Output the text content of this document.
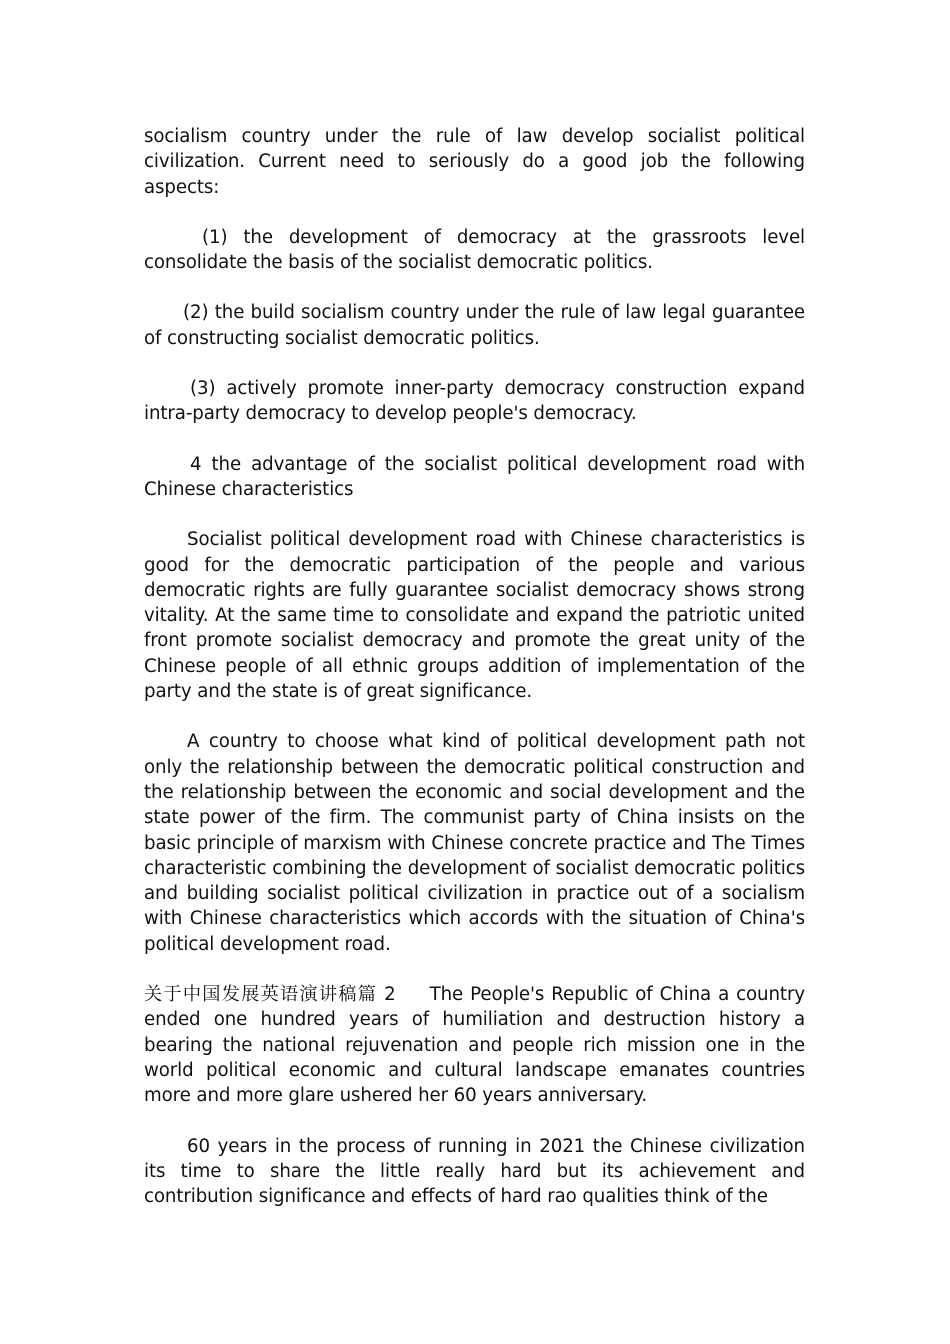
socialism country under the rule of law develop socialist political civilization. Current need to seriously do a good job the following aspects:

(1) the development of democracy at the grassroots level consolidate the basis of the socialist democratic politics.

(2) the build socialism country under the rule of law legal guarantee of constructing socialist democratic politics.

(3) actively promote inner-party democracy construction expand intra-party democracy to develop people's democracy.

4 the advantage of the socialist political development road with Chinese characteristics

Socialist political development road with Chinese characteristics is good for the democratic participation of the people and various democratic rights are fully guarantee socialist democracy shows strong vitality. At the same time to consolidate and expand the patriotic united front promote socialist democracy and promote the great unity of the Chinese people of all ethnic groups addition of implementation of the party and the state is of great significance.

A country to choose what kind of political development path not only the relationship between the democratic political construction and the relationship between the economic and social development and the state power of the firm. The communist party of China insists on the basic principle of marxism with Chinese concrete practice and The Times characteristic combining the development of socialist democratic politics and building socialist political civilization in practice out of a socialism with Chinese characteristics which accords with the situation of China's political development road.

关于中国发展英语演讲稿篇 2 The People's Republic of China a country ended one hundred years of humiliation and destruction history a bearing the national rejuvenation and people rich mission one in the world political economic and cultural landscape emanates countries more and more glare ushered her 60 years anniversary.

60 years in the process of running in 2021 the Chinese civilization its time to share the little really hard but its achievement and contribution significance and effects of hard rao qualities think of the
